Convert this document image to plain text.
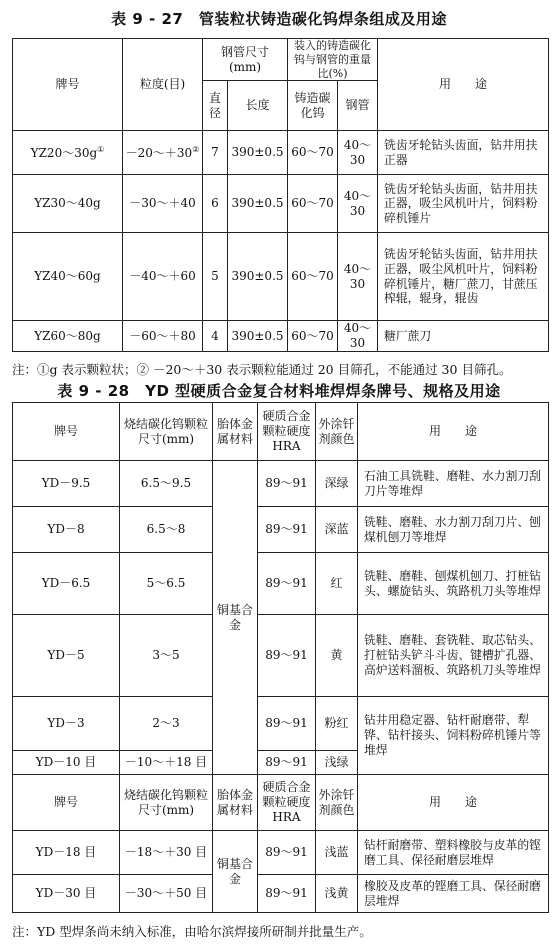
表 9 - 27　管装粒状铸造碳化钨焊条组成及用途
牌号	粒度(目)	钢管尺寸(mm)		装入的铸造碳化钨与钢管的重量比(%)		用　　途
		直径	长度	铸造碳化钨	钢管	
YZ20～30g①	－20～＋30②	7	390±0.5	60～70	40～30	铣齿牙轮钻头齿面，钻井用扶正器
YZ30～40g	－30～＋40	6	390±0.5	60～70	40～30	铣齿牙轮钻头齿面，钻井用扶正器，吸尘风机叶片，饲料粉碎机锤片
YZ40～60g	－40～＋60	5	390±0.5	60～70	40～30	铣齿牙轮钻头齿面，钻井用扶正器，吸尘风机叶片，饲料粉碎机锤片，糖厂蔗刀，甘蔗压榨辊，辊身，辊齿
YZ60～80g	－60～＋80	4	390±0.5	60～70	40～30	糖厂蔗刀
注：①g 表示颗粒状；② －20～＋30 表示颗粒能通过 20 目筛孔，不能通过 30 目筛孔。
表 9 - 28　YD 型硬质合金复合材料堆焊焊条牌号、规格及用途
牌号	烧结碳化钨颗粒尺寸(mm)	胎体金属材料	硬质合金颗粒硬度HRA	外涂钎剂颜色	用　　途
YD－9.5	6.5～9.5	铜基合金	89～91	深绿	石油工具铣鞋、磨鞋、水力割刀刮刀片等堆焊
YD－8	6.5～8		89～91	深蓝	铣鞋、磨鞋、水力割刀刮刀片、刨煤机刨刀等堆焊
YD－6.5	5～6.5		89～91	红	铣鞋、磨鞋、刨煤机刨刀、打桩钻头、螺旋钻头、筑路机刀头等堆焊
YD－5	3～5		89～91	黄	铣鞋、磨鞋、套铣鞋、取芯钻头、打桩钻头铲斗斗齿、键槽扩孔器、高炉送料溜板、筑路机刀头等堆焊
YD－3	2～3		89～91	粉红	钻井用稳定器、钻杆耐磨带、犁铧、钻杆接头、饲料粉碎机锤片等堆焊
YD－10 目	－10～＋18 目		89～91	浅绿	
牌号	烧结碳化钨颗粒尺寸(mm)	胎体金属材料	硬质合金颗粒硬度HRA	外涂钎剂颜色	用　　途
YD－18 目	－18～＋30 目	铜基合金	89～91	浅蓝	钻杆耐磨带、塑料橡胶与皮革的铿磨工具、保径耐磨层堆焊
YD－30 目	－30～＋50 目		89～91	浅黄	橡胶及皮革的铿磨工具、保径耐磨层堆焊
注：YD 型焊条尚未纳入标准，由哈尔滨焊接所研制并批量生产。
